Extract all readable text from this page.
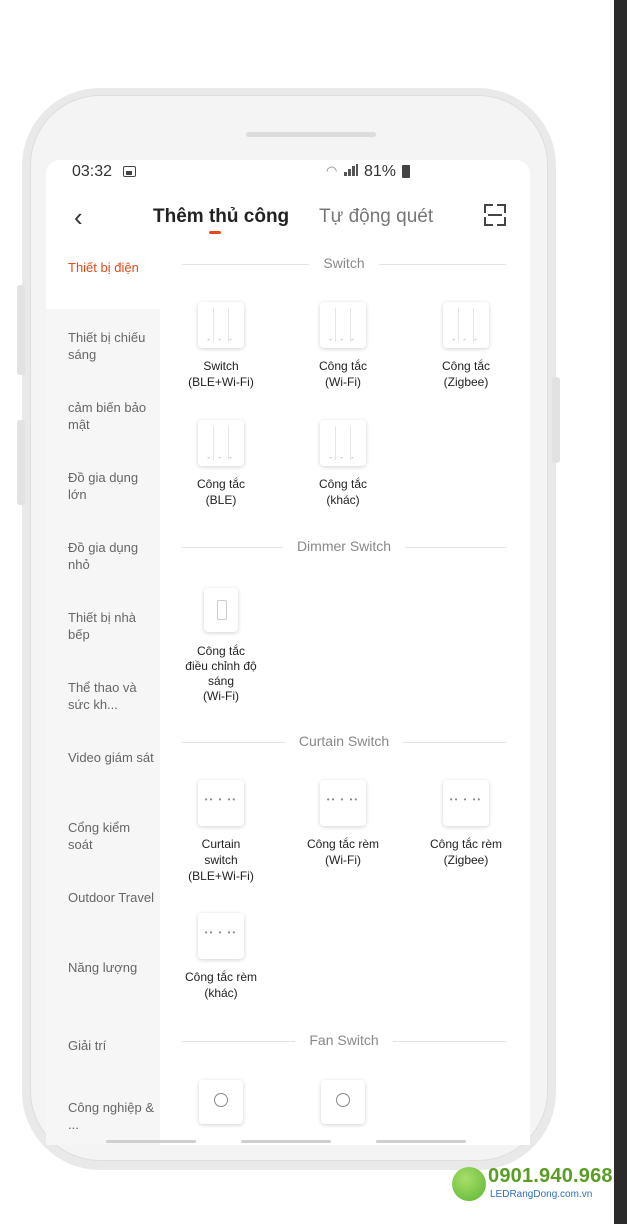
03:32	◠ 81%
‹	Thêm thủ công Tự động quét
Thiết bị điện
Thiết bị chiếu sáng
cảm biến bảo mật
Đồ gia dụng lớn
Đồ gia dụng nhỏ
Thiết bị nhà bếp
Thể thao và sức kh...
Video giám sát
Cổng kiểm soát
Outdoor Travel
Năng lượng
Giải trí
Công nghiệp & ...
Switch
- - -
Switch
(BLE+Wi-Fi)
- - -
Công tắc
(Wi-Fi)
- - -
Công tắc
(Zigbee)
- - -
Công tắc
(BLE)
- - -
Công tắc
(khác)
Dimmer Switch
Công tắc
điều chỉnh độ
sáng
(Wi-Fi)
Curtain Switch
•• • ••
Curtain
switch
(BLE+Wi-Fi)
•• • ••
Công tắc rèm
(Wi-Fi)
•• • ••
Công tắc rèm
(Zigbee)
•• • ••
Công tắc rèm
(khác)
Fan Switch
0901.940.968
LEDRangDong.com.vn
